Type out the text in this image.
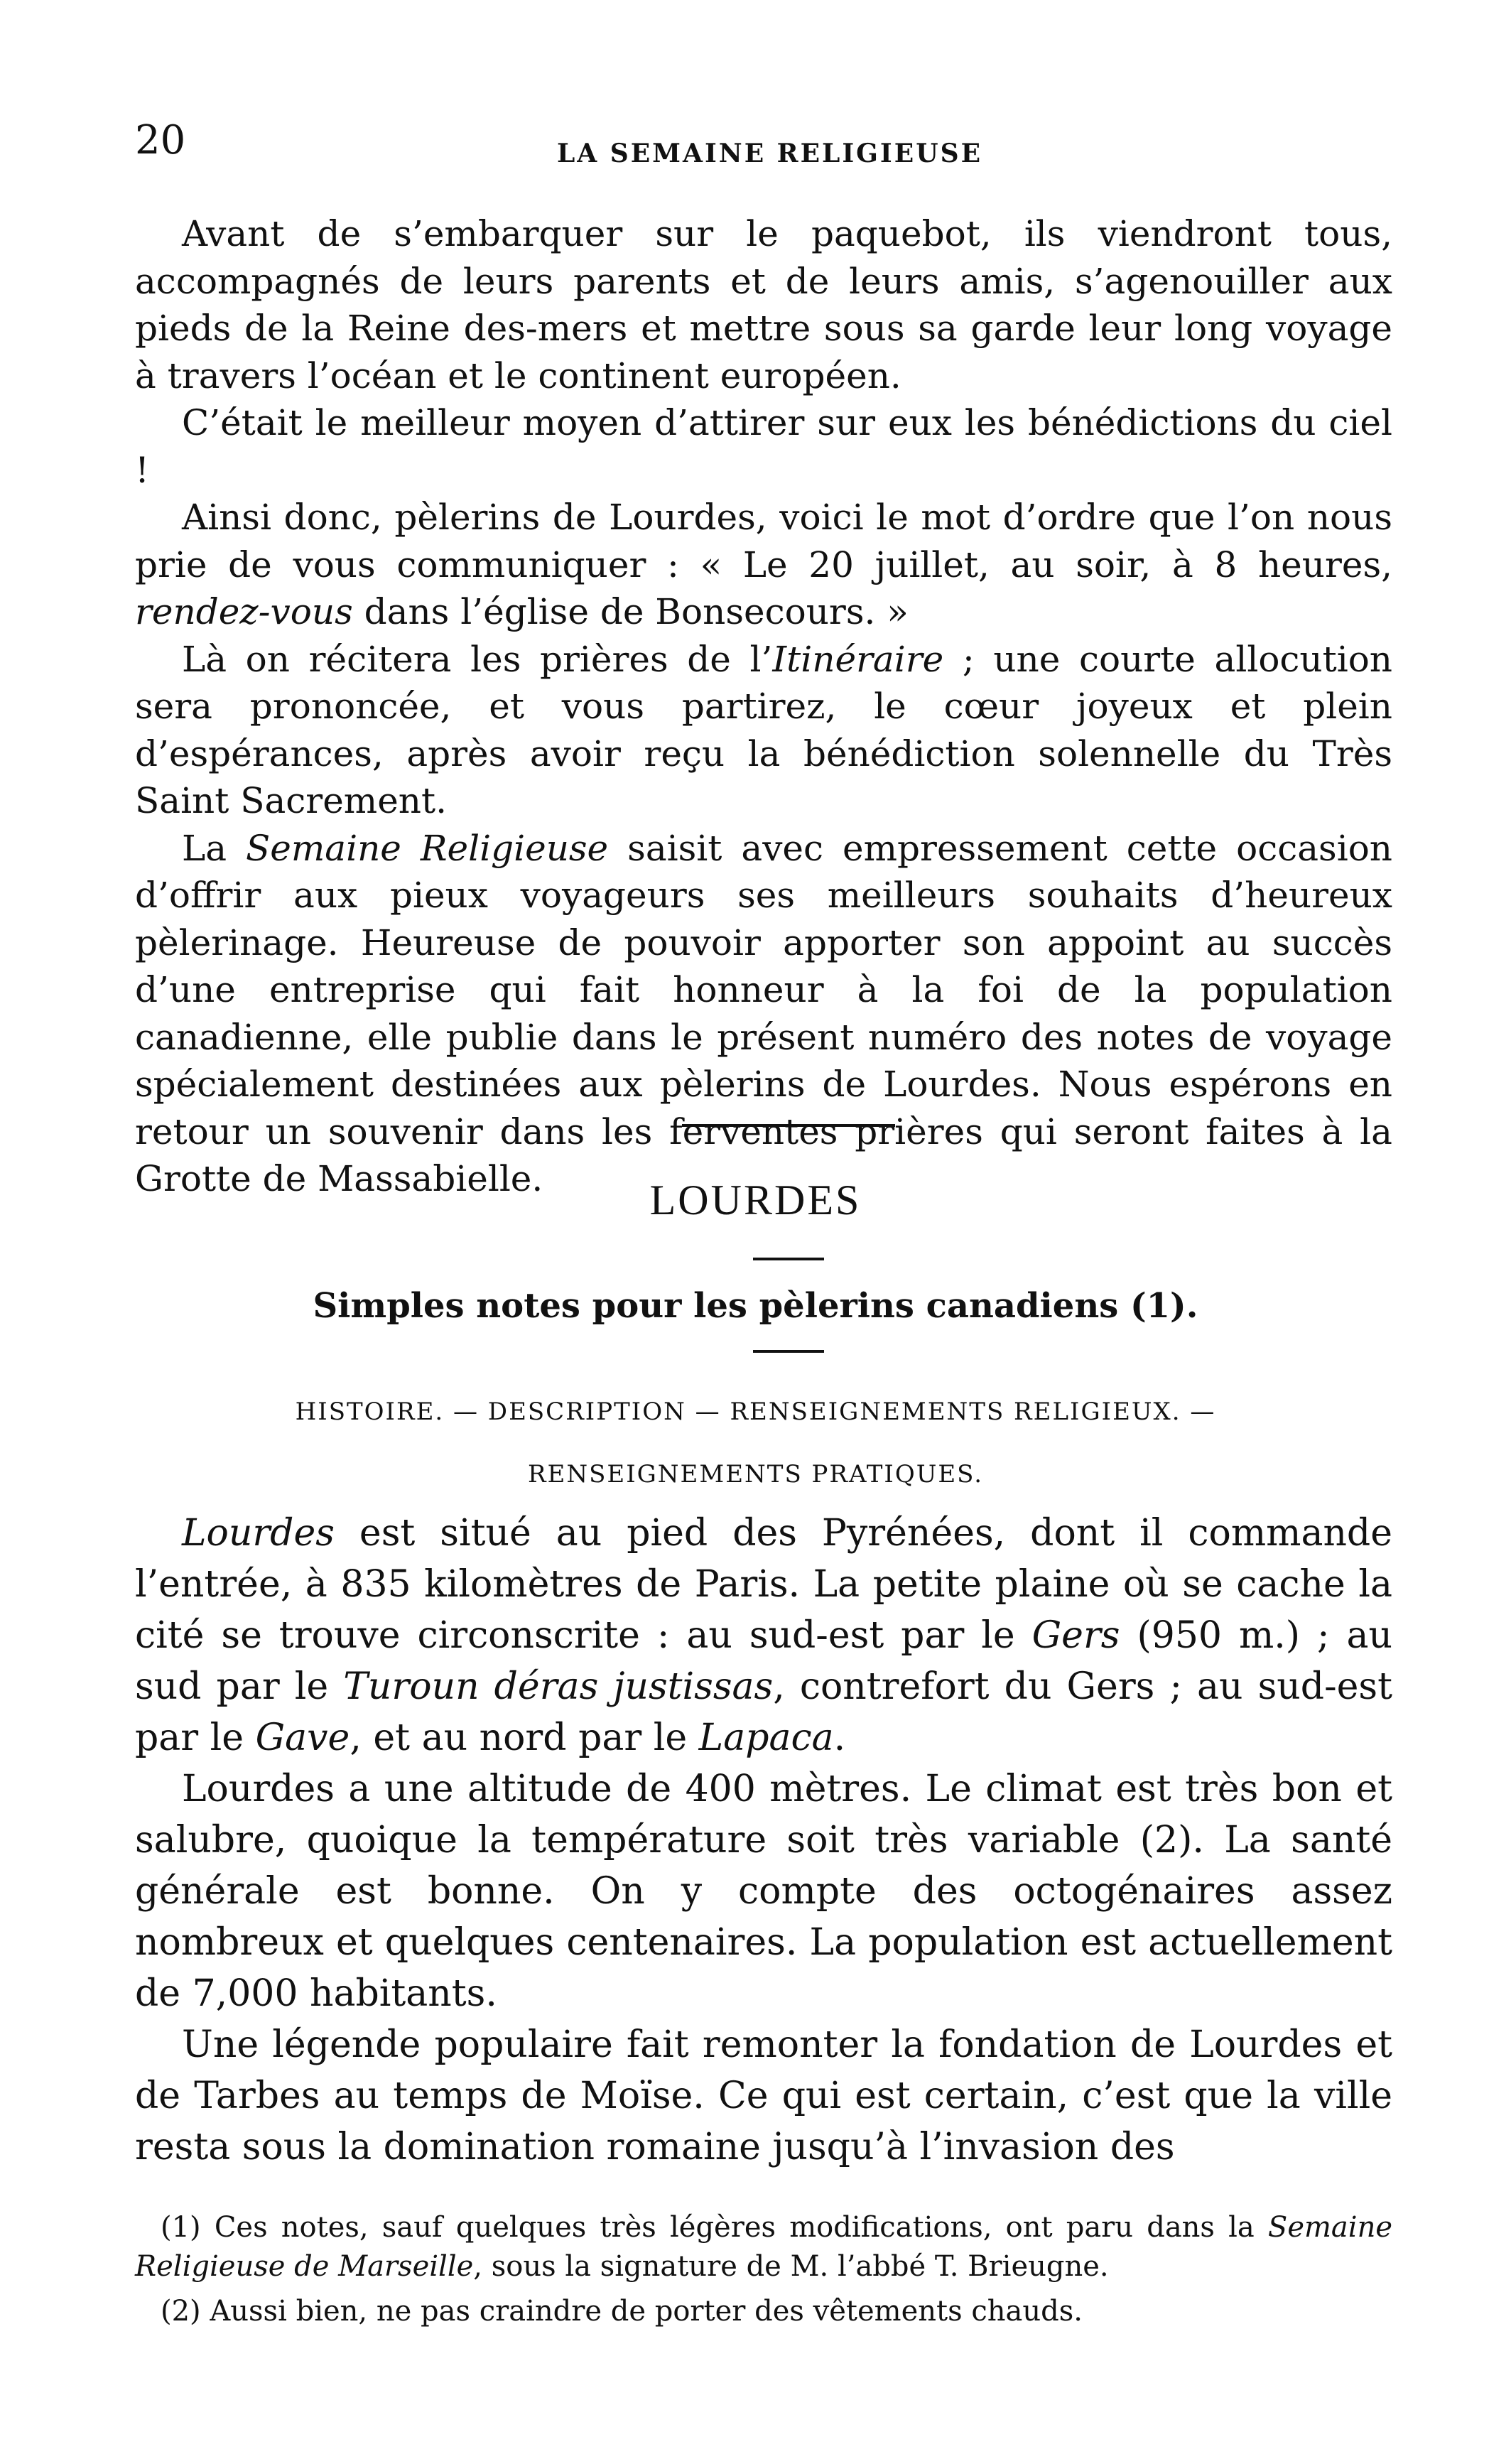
20	LA SEMAINE RELIGIEUSE

Avant de s’embarquer sur le paquebot, ils viendront tous, accompagnés de leurs parents et de leurs amis, s’agenouiller aux pieds de la Reine des-mers et mettre sous sa garde leur long voyage à travers l’océan et le continent européen.

C’était le meilleur moyen d’attirer sur eux les bénédictions du ciel !

Ainsi donc, pèlerins de Lourdes, voici le mot d’ordre que l’on nous prie de vous communiquer : « Le 20 juillet, au soir, à 8 heures, rendez-vous dans l’église de Bonsecours. »

Là on récitera les prières de l’Itinéraire ; une courte allocution sera prononcée, et vous partirez, le cœur joyeux et plein d’espérances, après avoir reçu la bénédiction solennelle du Très Saint Sacrement.

La Semaine Religieuse saisit avec empressement cette occasion d’offrir aux pieux voyageurs ses meilleurs souhaits d’heureux pèlerinage. Heureuse de pouvoir apporter son appoint au succès d’une entreprise qui fait honneur à la foi de la population canadienne, elle publie dans le présent numéro des notes de voyage spécialement destinées aux pèlerins de Lourdes. Nous espérons en retour un souvenir dans les ferventes prières qui seront faites à la Grotte de Massabielle.	LOURDES
Simples notes pour les pèlerins canadiens (1).
HISTOIRE. — DESCRIPTION — RENSEIGNEMENTS RELIGIEUX. —
RENSEIGNEMENTS PRATIQUES.

Lourdes est situé au pied des Pyrénées, dont il commande l’entrée, à 835 kilomètres de Paris. La petite plaine où se cache la cité se trouve circonscrite : au sud-est par le Gers (950 m.) ; au sud par le Turoun déras justissas, contrefort du Gers ; au sud-est par le Gave, et au nord par le Lapaca.

Lourdes a une altitude de 400 mètres. Le climat est très bon et salubre, quoique la température soit très variable (2). La santé générale est bonne. On y compte des octogénaires assez nombreux et quelques centenaires. La population est actuellement de 7,000 habitants.

Une légende populaire fait remonter la fondation de Lourdes et de Tarbes au temps de Moïse. Ce qui est certain, c’est que la ville resta sous la domination romaine jusqu’à l’invasion des

(1) Ces notes, sauf quelques très légères modifications, ont paru dans la Semaine Religieuse de Marseille, sous la signature de M. l’abbé T. Brieugne.

(2) Aussi bien, ne pas craindre de porter des vêtements chauds.
